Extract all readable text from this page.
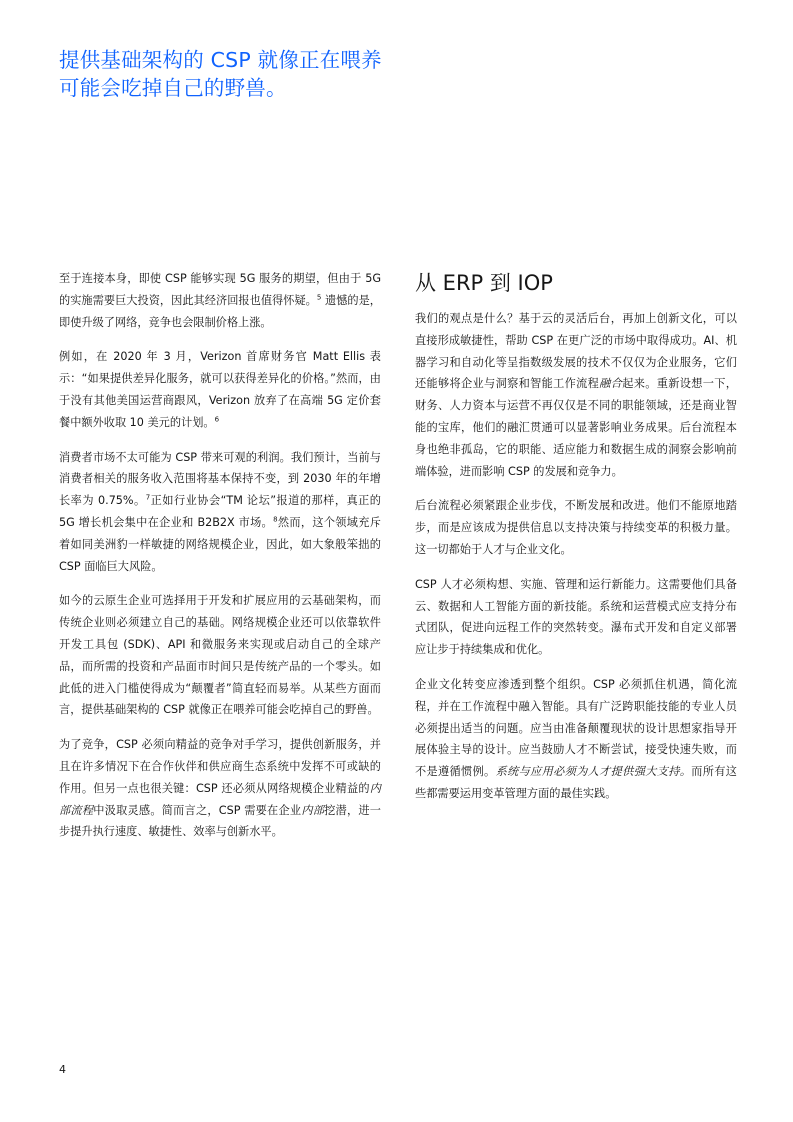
提供基础架构的 CSP 就像正在喂养可能会吃掉自己的野兽。

至于连接本身，即使 CSP 能够实现 5G 服务的期望，但由于 5G 的实施需要巨大投资，因此其经济回报也值得怀疑。$^5$ 遗憾的是，即使升级了网络，竞争也会限制价格上涨。

例如，在 2020 年 3 月，Verizon 首席财务官 Matt Ellis 表示：“如果提供差异化服务，就可以获得差异化的价格。”然而，由于没有其他美国运营商跟风，Verizon 放弃了在高端 5G 定价套餐中额外收取 10 美元的计划。$^6$

消费者市场不太可能为 CSP 带来可观的利润。我们预计，当前与消费者相关的服务收入范围将基本保持不变，到 2030 年的年增长率为 0.75%。$^7$正如行业协会“TM 论坛”报道的那样，真正的 5G 增长机会集中在企业和 B2B2X 市场。$^8$然而，这个领域充斥着如同美洲豹一样敏捷的网络规模企业，因此，如大象般笨拙的 CSP 面临巨大风险。

如今的云原生企业可选择用于开发和扩展应用的云基础架构，而传统企业则必须建立自己的基础。网络规模企业还可以依靠软件开发工具包 (SDK)、API 和微服务来实现或启动自己的全球产品，而所需的投资和产品面市时间只是传统产品的一个零头。如此低的进入门槛使得成为“颠覆者”简直轻而易举。从某些方面而言，提供基础架构的 CSP 就像正在喂养可能会吃掉自己的野兽。

为了竞争，CSP 必须向精益的竞争对手学习，提供创新服务，并且在许多情况下在合作伙伴和供应商生态系统中发挥不可或缺的作用。但另一点也很关键：CSP 还必须从网络规模企业精益的内部流程中汲取灵感。简而言之，CSP 需要在企业内部挖潜，进一步提升执行速度、敏捷性、效率与创新水平。

从 ERP 到 IOP

我们的观点是什么？基于云的灵活后台，再加上创新文化，可以直接形成敏捷性，帮助 CSP 在更广泛的市场中取得成功。AI、机器学习和自动化等呈指数级发展的技术不仅仅为企业服务，它们还能够将企业与洞察和智能工作流程融合起来。重新设想一下，财务、人力资本与运营不再仅仅是不同的职能领域，还是商业智能的宝库，他们的融汇贯通可以显著影响业务成果。后台流程本身也绝非孤岛，它的职能、适应能力和数据生成的洞察会影响前端体验，进而影响 CSP 的发展和竞争力。

后台流程必须紧跟企业步伐，不断发展和改进。他们不能原地踏步，而是应该成为提供信息以支持决策与持续变革的积极力量。这一切都始于人才与企业文化。

CSP 人才必须构想、实施、管理和运行新能力。这需要他们具备云、数据和人工智能方面的新技能。系统和运营模式应支持分布式团队，促进向远程工作的突然转变。瀑布式开发和自定义部署应让步于持续集成和优化。

企业文化转变应渗透到整个组织。CSP 必须抓住机遇，简化流程，并在工作流程中融入智能。具有广泛跨职能技能的专业人员必须提出适当的问题。应当由准备颠覆现状的设计思想家指导开展体验主导的设计。应当鼓励人才不断尝试，接受快速失败，而不是遵循惯例。系统与应用必须为人才提供强大支持。而所有这些都需要运用变革管理方面的最佳实践。

4
